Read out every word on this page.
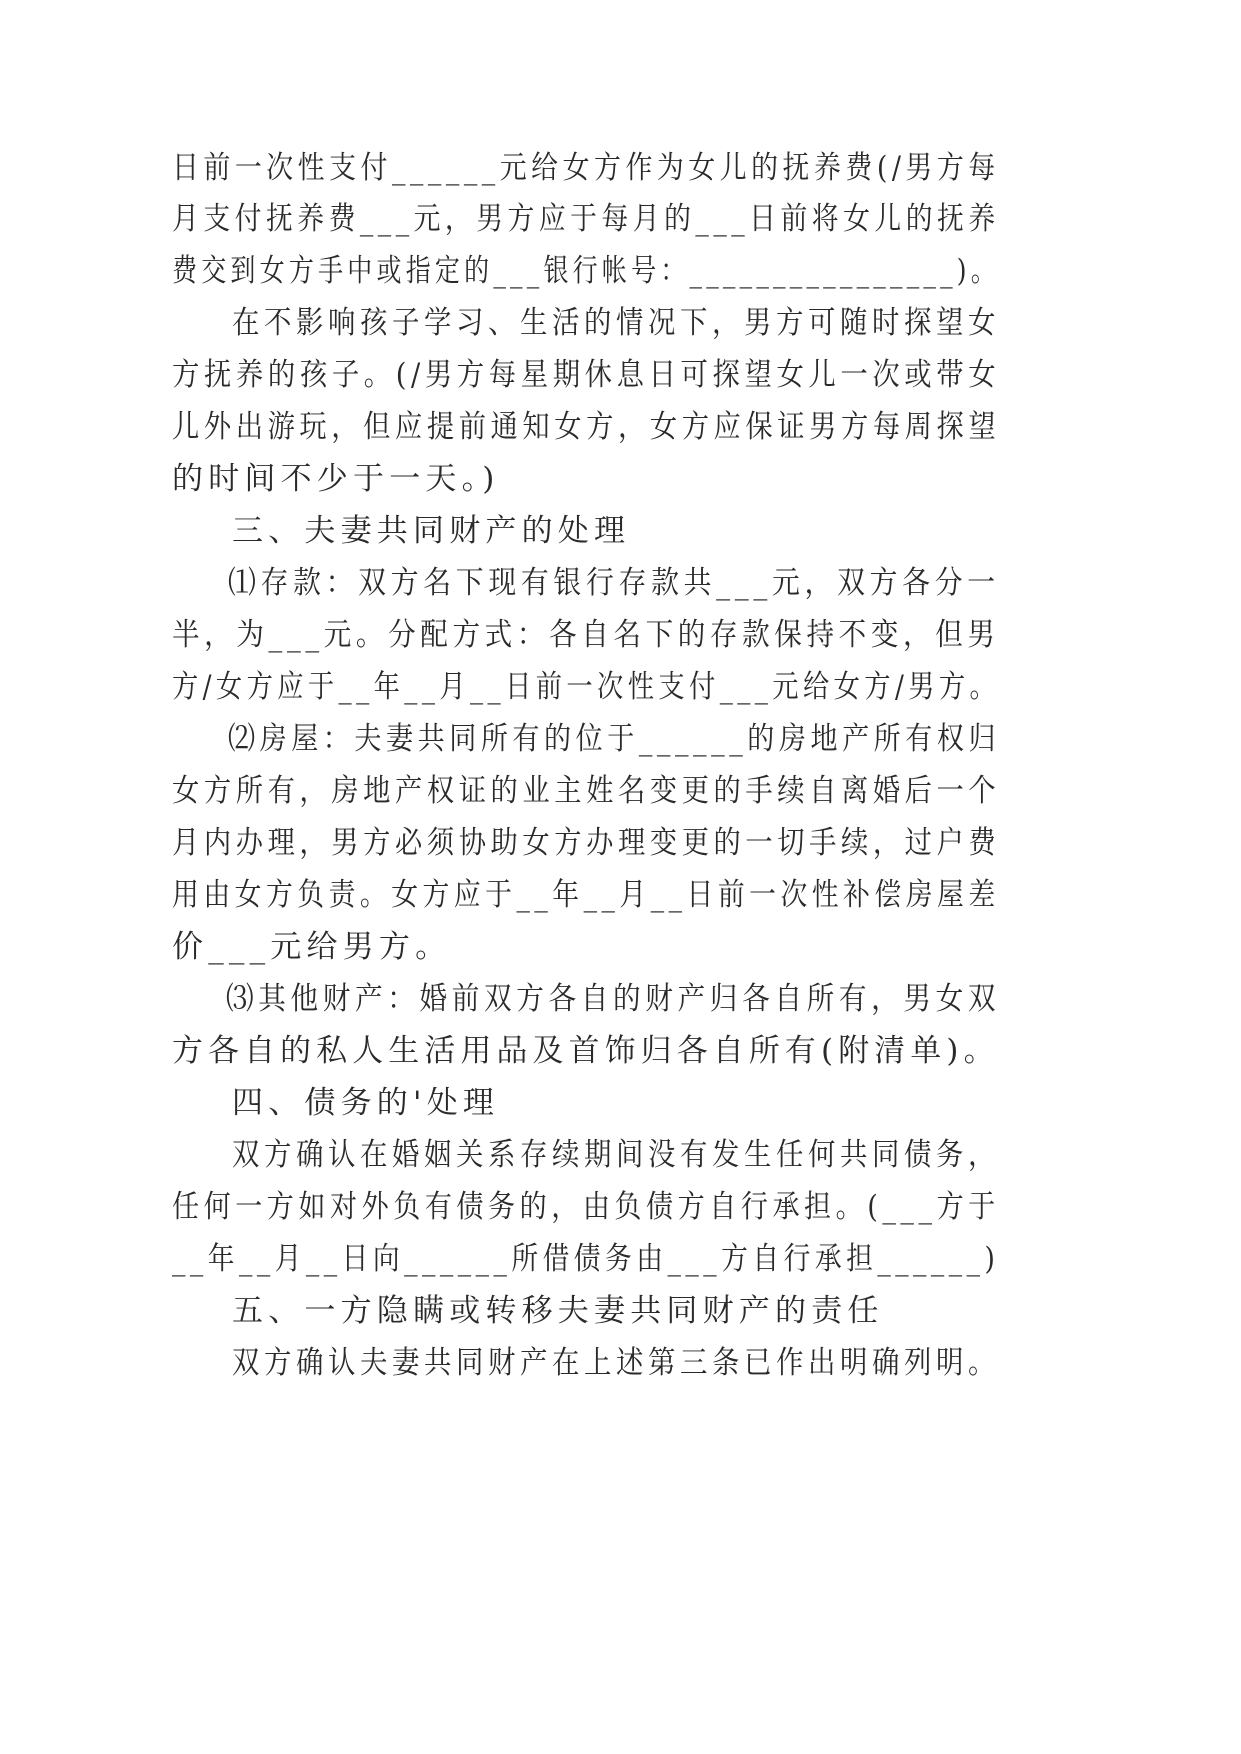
日前一次性支付______元给女方作为女儿的抚养费(/男方每
月支付抚养费___元，男方应于每月的___日前将女儿的抚养
费交到女方手中或指定的___银行帐号：________________)。
在不影响孩子学习、生活的情况下，男方可随时探望女
方抚养的孩子。(/男方每星期休息日可探望女儿一次或带女
儿外出游玩，但应提前通知女方，女方应保证男方每周探望
的时间不少于一天。)
三、夫妻共同财产的处理
⑴存款：双方名下现有银行存款共___元，双方各分一
半，为___元。分配方式：各自名下的存款保持不变，但男
方/女方应于__年__月__日前一次性支付___元给女方/男方。
⑵房屋：夫妻共同所有的位于______的房地产所有权归
女方所有，房地产权证的业主姓名变更的手续自离婚后一个
月内办理，男方必须协助女方办理变更的一切手续，过户费
用由女方负责。女方应于__年__月__日前一次性补偿房屋差
价___元给男方。
⑶其他财产：婚前双方各自的财产归各自所有，男女双
方各自的私人生活用品及首饰归各自所有(附清单)。
四、债务的'处理
双方确认在婚姻关系存续期间没有发生任何共同债务，
任何一方如对外负有债务的，由负债方自行承担。(___方于
__年__月__日向______所借债务由___方自行承担______)
五、一方隐瞒或转移夫妻共同财产的责任
双方确认夫妻共同财产在上述第三条已作出明确列明。
